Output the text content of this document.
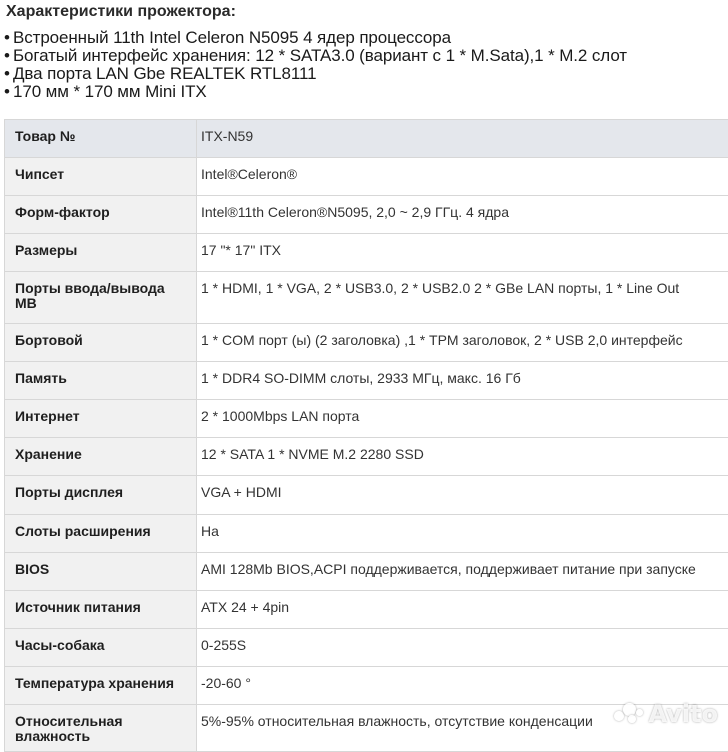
Характеристики прожектора:
• Встроенный 11th Intel Celeron N5095 4 ядер процессора
• Богатый интерфейс хранения: 12 * SATA3.0 (вариант с 1 * M.Sata),1 * M.2 слот
• Два порта LAN Gbe REALTEK RTL8111
• 170 мм * 170 мм Mini ITX
Товар №	ITX-N59
Чипсет	Intel®Celeron®
Форм-фактор	Intel®11th Celeron®N5095, 2,0 ~ 2,9 ГГц. 4 ядра
Размеры	17 "* 17" ITX
Порты ввода/вывода MB	1 * HDMI, 1 * VGA, 2 * USB3.0, 2 * USB2.0 2 * GBe LAN порты, 1 * Line Out
Бортовой	1 * COM порт (ы) (2 заголовка) ,1 * TPM заголовок, 2 * USB 2,0 интерфейс
Память	1 * DDR4 SO-DIMM слоты, 2933 МГц, макс. 16 Гб
Интернет	2 * 1000Mbps LAN порта
Хранение	12 * SATA 1 * NVME M.2 2280 SSD
Порты дисплея	VGA + HDMI
Слоты расширения	На
BIOS	AMI 128Mb BIOS,ACPI поддерживается, поддерживает питание при запуске
Источник питания	ATX 24 + 4pin
Часы-собака	0-255S
Температура хранения	-20-60 °
Относительная влажность	5%-95% относительная влажность, отсутствие конденсации Avito
